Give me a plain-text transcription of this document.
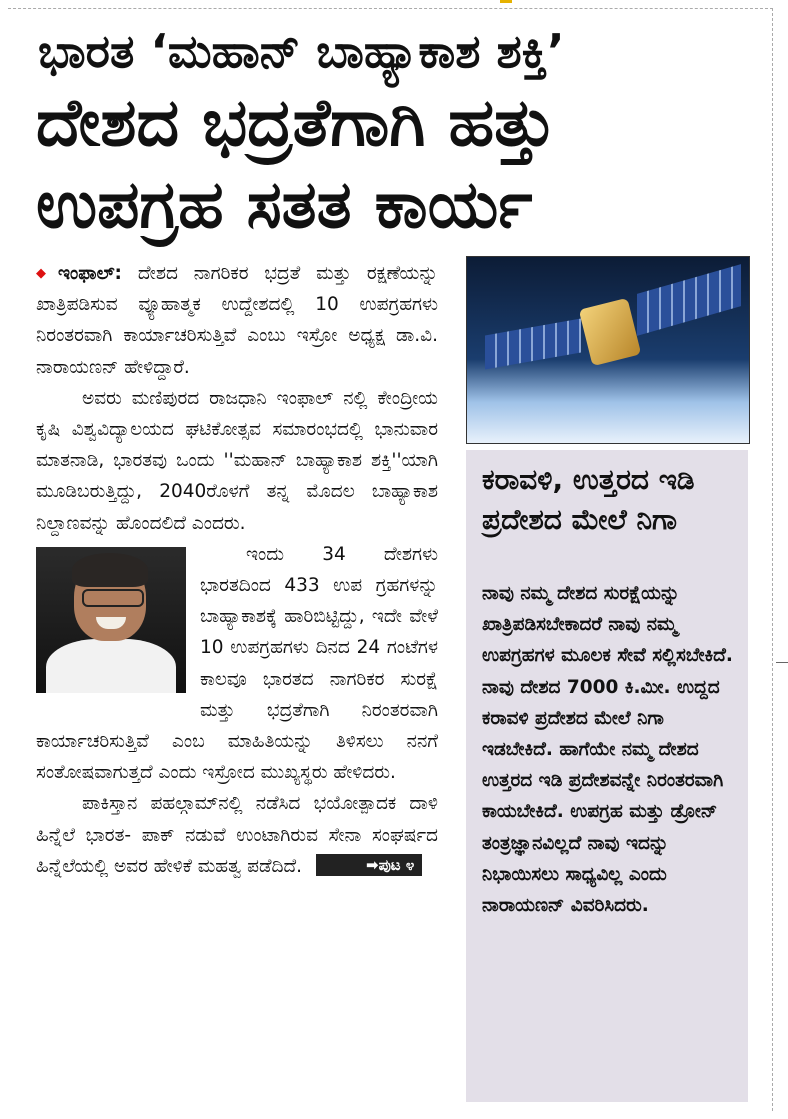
ಭಾರತ ‘ಮಹಾನ್ ಬಾಹ್ಯಾಕಾಶ ಶಕ್ತಿ’
ದೇಶದ ಭದ್ರತೆಗಾಗಿ ಹತ್ತು ಉಪಗ್ರಹ ಸತತ ಕಾರ್ಯ

◆ ಇಂಫಾಲ್: ದೇಶದ ನಾಗರಿಕರ ಭದ್ರತೆ ಮತ್ತು ರಕ್ಷಣೆಯನ್ನು ಖಾತ್ರಿಪಡಿಸುವ ವ್ಯೂಹಾತ್ಮಕ ಉದ್ದೇಶದಲ್ಲಿ 10 ಉಪಗ್ರಹಗಳು ನಿರಂತರವಾಗಿ ಕಾರ್ಯಾಚರಿಸುತ್ತಿವೆ ಎಂಬು ಇಸ್ರೋ ಅಧ್ಯಕ್ಷ ಡಾ.ವಿ. ನಾರಾಯಣನ್ ಹೇಳಿದ್ದಾರೆ.

ಅವರು ಮಣಿಪುರದ ರಾಜಧಾನಿ ಇಂಫಾಲ್ ನಲ್ಲಿ ಕೇಂದ್ರೀಯ ಕೃಷಿ ವಿಶ್ವವಿದ್ಯಾಲಯದ ಘಟಿಕೋತ್ಸವ ಸಮಾರಂಭದಲ್ಲಿ ಭಾನುವಾರ ಮಾತನಾಡಿ, ಭಾರತವು ಒಂದು ''ಮಹಾನ್ ಬಾಹ್ಯಾಕಾಶ ಶಕ್ತಿ''ಯಾಗಿ ಮೂಡಿಬರುತ್ತಿದ್ದು, 2040ರೊಳಗೆ ತನ್ನ ಮೊದಲ ಬಾಹ್ಯಾಕಾಶ ನಿಲ್ದಾಣವನ್ನು ಹೊಂದಲಿದೆ ಎಂದರು.

ಇಂದು 34 ದೇಶಗಳು ಭಾರತದಿಂದ 433 ಉಪ ಗ್ರಹಗಳನ್ನು ಬಾಹ್ಯಾಕಾಶಕ್ಕೆ ಹಾರಿಬಿಟ್ಟಿದ್ದು, ಇದೇ ವೇಳೆ 10 ಉಪಗ್ರಹಗಳು ದಿನದ 24 ಗಂಟೆಗಳ ಕಾಲವೂ ಭಾರತದ ನಾಗರಿಕರ ಸುರಕ್ಷೆ ಮತ್ತು ಭದ್ರತೆಗಾಗಿ ನಿರಂತರವಾಗಿ ಕಾರ್ಯಾಚರಿಸುತ್ತಿವೆ ಎಂಬ ಮಾಹಿತಿಯನ್ನು ತಿಳಿಸಲು ನನಗೆ ಸಂತೋಷವಾಗುತ್ತದೆ ಎಂದು ಇಸ್ರೋದ ಮುಖ್ಯಸ್ಥರು ಹೇಳಿದರು.

ಪಾಕಿಸ್ತಾನ ಪಹಲ್ಗಾಮ್‌ನಲ್ಲಿ ನಡೆಸಿದ ಭಯೋತ್ಪಾದಕ ದಾಳಿ ಹಿನ್ನೆಲೆ ಭಾರತ- ಪಾಕ್ ನಡುವೆ ಉಂಟಾಗಿರುವ ಸೇನಾ ಸಂಘರ್ಷದ ಹಿನ್ನೆಲೆಯಲ್ಲಿ ಅವರ ಹೇಳಿಕೆ ಮಹತ್ವ ಪಡೆದಿದೆ.	➡ಪುಟ ೪

ಕರಾವಳಿ, ಉತ್ತರದ ಇಡಿ ಪ್ರದೇಶದ ಮೇಲೆ ನಿಗಾ

ನಾವು ನಮ್ಮ ದೇಶದ ಸುರಕ್ಷೆಯನ್ನು ಖಾತ್ರಿಪಡಿಸಬೇಕಾದರೆ ನಾವು ನಮ್ಮ ಉಪಗ್ರಹಗಳ ಮೂಲಕ ಸೇವೆ ಸಲ್ಲಿಸಬೇಕಿದೆ. ನಾವು ದೇಶದ 7000 ಕಿ.ಮೀ. ಉದ್ದದ ಕರಾವಳಿ ಪ್ರದೇಶದ ಮೇಲೆ ನಿಗಾ ಇಡಬೇಕಿದೆ. ಹಾಗೆಯೇ ನಮ್ಮ ದೇಶದ ಉತ್ತರದ ಇಡಿ ಪ್ರದೇಶವನ್ನೇ ನಿರಂತರವಾಗಿ ಕಾಯಬೇಕಿದೆ. ಉಪಗ್ರಹ ಮತ್ತು ಡ್ರೋನ್ ತಂತ್ರಜ್ಞಾನವಿಲ್ಲದೆ ನಾವು ಇದನ್ನು ನಿಭಾಯಿಸಲು ಸಾಧ್ಯವಿಲ್ಲ ಎಂದು ನಾರಾಯಣನ್ ವಿವರಿಸಿದರು.
